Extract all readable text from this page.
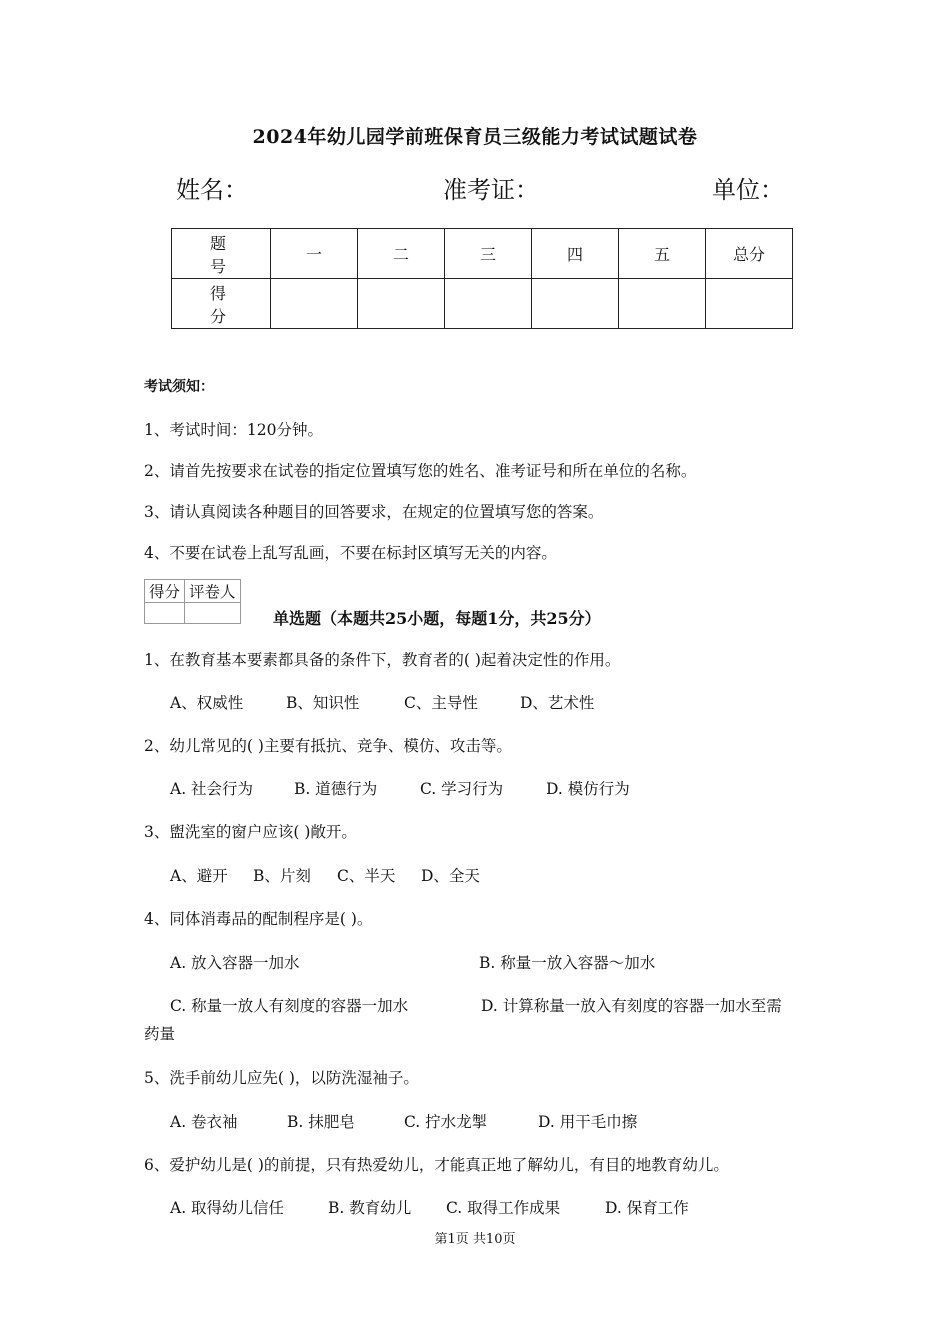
2024年幼儿园学前班保育员三级能力考试试题试卷
姓名：	准考证：	单位：
题 号	一	二	三	四	五	总分
得 分						
考试须知：
1、考试时间：120分钟。
2、请首先按要求在试卷的指定位置填写您的姓名、准考证号和所在单位的名称。
3、请认真阅读各种题目的回答要求，在规定的位置填写您的答案。
4、不要在试卷上乱写乱画，不要在标封区填写无关的内容。
得分	评卷人

单选题（本题共25小题，每题1分，共25分）
1、在教育基本要素都具备的条件下，教育者的( )起着决定性的作用。
A、权威性	B、知识性	C、主导性	D、艺术性
2、幼儿常见的( )主要有抵抗、竞争、模仿、攻击等。
A. 社会行为	B. 道德行为	C. 学习行为	D. 模仿行为
3、盥洗室的窗户应该( )敞开。
A、避开 B、片刻 C、半天 D、全天
4、同体消毒品的配制程序是( )。
A. 放入容器一加水	B. 称量一放入容器～加水
C. 称量一放人有刻度的容器一加水	D. 计算称量一放入有刻度的容器一加水至需
药量
5、洗手前幼儿应先( )，以防洗湿袖子。
A. 卷衣袖	B. 抹肥皂	C. 拧水龙掣	D. 用干毛巾擦
6、爱护幼儿是( )的前提，只有热爱幼儿，才能真正地了解幼儿，有目的地教育幼儿。
A. 取得幼儿信任	B. 教育幼儿 C. 取得工作成果	D. 保育工作
第1页 共10页
